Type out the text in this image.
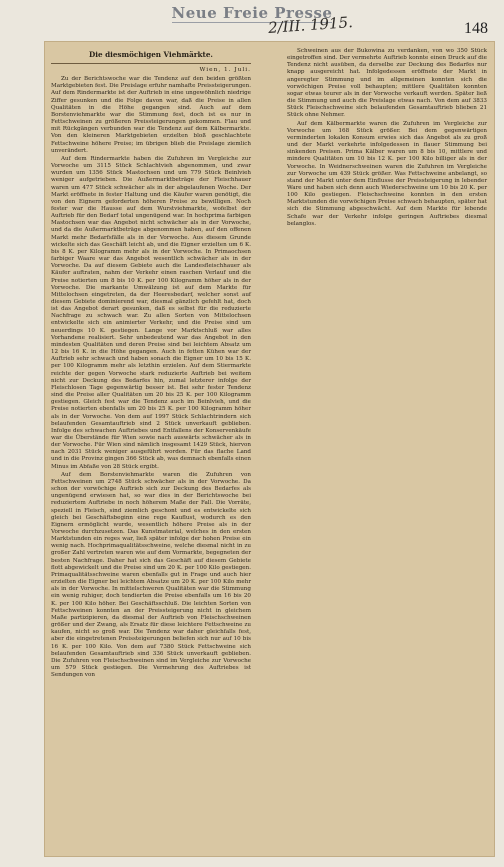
Neue Freie Presse
2/III. 1915.	148
Die diesmöchigen Viehmärkte.
Wien, 1. Juli.

Zu der Berichtswoche war die Tendenz auf den beiden größten Marktgebieten fest. Die Preislage erfuhr namhafte Preissteigerungen. Auf dem Rindermarkte ist der Auftrieb in eine ungewöhnlich niedrige Ziffer gesunken und die Folge davon war, daß die Preise in allen Qualitäten in die Höhe gegangen sind. Auch auf dem Borstenviehmarkte war die Stimmung fest, doch ist es nur in Fettschweinen zu größeren Preissteigerungen gekommen. Flau und mit Rückgängen verbunden war die Tendenz auf dem Kälbermarkte. Von den kleineren Marktgebieten erzielten bloß geschlachtete Fettschweine höhere Preise; im übrigen blieb die Preislage ziemlich unverändert.

Auf dem Rindermarkte haben die Zufuhren im Vergleiche zur Vorwoche um 3115 Stück Schlachtvieh abgenommen, und zwar wurden um 1356 Stück Mastochsen und um 779 Stück Beinlvieh weniger aufgetrieben. Die Außermarktbeträge der Fleischhauer waren um 477 Stück schwächer als in der abgelaufenen Woche. Der Markt eröffnete in fester Haltung und die Käufer waren genötigt, die von den Eignern geforderten höheren Preise zu bewilligen. Noch fester war die Hausse auf dem Wurstviehmarkte, wofelbst der Auftrieb für den Bedarf total ungenügend war. In hochprima farbigen Mastochsen war das Angebot nicht schwächer als in der Vorwoche, und da die Außermarktbeträge abgenommen haben, auf den offenen Markt mehr Bedarfsfälle als in der Vorwoche. Aus diesem Grunde wickelte sich das Geschäft leicht ab, und die Eigner erzielten um 6 K. bis 8 K. per Kilogramm mehr als in der Vorwoche. In Primaochsen farbiger Waare war das Angebot wesentlich schwächer als in der Vorwoche. Da auf diesem Gebiete auch die Landesfleischhauer als Käufer auftraten, nahm der Verkehr einen raschen Verlauf und die Preise notierten um 8 bis 10 K. per 100 Kilogramm höher als in der Vorwoche. Die markante Umwälzung ist auf dem Markte für Mittelochsen eingetreten, da der Heeresbedarf, welcher sonst auf diesem Gebiete dominierend war, diesmal gänzlich gefehlt hat, doch ist das Angebot derart gesunken, daß es selbst für die reduzierte Nachfrage zu schwach war. Zu allen Sorten von Mittelochsen entwickelte sich ein animierter Verkehr, und die Preise sind um neuerdings 10 K. gestiegen. Lange vor Marktschluß war alles Vorhandene realisiert. Sehr unbedeutend war das Angebot in den mindesten Qualitäten und deren Preise sind bei leichtem Absatz um 12 bis 16 K. in die Höhe gegangen. Auch in fetten Kühen war der Auftrieb sehr schwach und haben sonach die Eigner um 10 bis 15 K. per 100 Kilogramm mehr als letzthin erzielen. Auf dem Stiermarkte reichte der gegen Vorwoche stark reduzierte Auftrieb bei weitem nicht zur Deckung des Bedarfes hin, zumal letzterer infolge der Fleischlosen Tage gegenwärtig besser ist. Bei sehr fester Tendenz sind die Preise aller Qualitäten um 20 bis 25 K. per 100 Kilogramm gestiegen. Gleich fest war die Tendenz auch im Beinlvieh, und die Preise notierten ebenfalls um 20 bis 25 K. per 100 Kilogramm höher als in der Vorwoche. Von dem auf 1997 Stück Schlachtrindern sich belaufenden Gesamtauftrieb sind 2 Stück unverkauft geblieben. Infolge des schwachen Auftriebes und Entfallens der Konservenkäufe war die Überstände für Wien sowie nach auswärts schwächer als in der Vorwoche. Für Wien sind nämlich insgesamt 1429 Stück, hiervon nach 2031 Stück weniger ausgeführt worden. Für das flache Land und in die Provinz gingen 366 Stück ab, was demnach ebenfalls einen Minus im Abfaße von 28 Stück ergibt.

Auf dem Borstenviehmarkte waren die Zufuhren von Fettschweinen um 2748 Stück schwächer als in der Vorwoche. Da schon der vorwöchige Auftrieb sich zur Deckung des Bedarfes als ungenügend erwiesen hat, so war dies in der Berichtswoche bei reduziertem Auftriebe in noch höherem Maße der Fall. Die Vorräte, speziell in Fleisch, sind ziemlich geschont und es entwickelte sich gleich bei Geschäftsbeginn eine rege Kauflust, wodurch es den Eignern ermöglicht wurde, wesentlich höhere Preise als in der Vorwoche durchzusetzen. Das Kunstmaterial, welches in den ersten Marktstunden ein reges war, ließ später infolge der hohen Preise ein wenig nach. Hochprimaqualitätsschweine, welche diesmal nicht in zu großer Zahl vertreten waren wie auf dem Vormarkte, begegneten der besten Nachfrage. Daher hat sich das Geschäft auf diesem Gebiete flott abgewickelt und die Preise sind um 20 K. per 100 Kilo gestiegen. Primaqualitätsschweine waren ebenfalls gut in Frage und auch hier erzielten die Eigner bei leichtem Absatze um 20 K. per 100 Kilo mehr als in der Vorwoche. In mittelschweren Qualitäten war die Stimmung ein wenig ruhiger, doch tendierten die Preise ebenfalls um 16 bis 20 K. per 100 Kilo höher. Bei Geschäftsschluß. Die leichten Sorten von Fettschweinen konnten an der Preissteigerung nicht in gleichem Maße partizipieren, da diesmal der Auftrieb von Fleischschweinen größer und der Zwang, als Ersatz für diese leichtere Fettschweine zu kaufen, nicht so groß war. Die Tendenz war daher gleichfalls fest, aber die eingetretenen Preissteigerungen beliefen sich nur auf 10 bis 16 K. per 100 Kilo. Von dem auf 7380 Stück Fettschweine sich belaufenden Gesamtauftrieb sind 336 Stück unverkauft geblieben. Die Zufuhren von Fleischschweinen sind im Vergleiche zur Vorwoche um 579 Stück gestiegen. Die Vermehrung des Auftriebes ist Sendungen von

Schweinen aus der Bukowina zu verdanken, von wo 350 Stück eingetroffen sind. Der vermehrte Auftrieb konnte einen Druck auf die Tendenz nicht ausüben, da derselbe zur Deckung des Bedarfes nur knapp ausgereicht hat. Infolgedessen eröffnete der Markt in angeregter Stimmung und im allgemeinen konnten sich die vorwöchigen Preise voll behaupten; mittlere Qualitäten konnten sogar etwas teurer als in der Vorwoche verkauft werden. Später ließ die Stimmung und auch die Preislage etwas nach. Von dem auf 3833 Stück Fleischschweine sich belaufenden Gesamtauftrieb blieben 21 Stück ohne Nehmer.

Auf dem Kälbermarkte waren die Zufuhren im Vergleiche zur Vorwoche um 168 Stück größer. Bei dem gegenwärtigen verminderten lokalen Konsum erwies sich das Angebot als zu groß und der Markt verkehrte infolgedessen in flauer Stimmung bei sinkenden Preisen. Prima Kälber waren um 8 bis 10, mittlere und mindere Qualitäten um 10 bis 12 K. per 100 Kilo billiger als in der Vorwoche. In Weidnerschweinen waren die Zufuhren im Vergleiche zur Vorwoche um 439 Stück größer. Was Fettschweine anbelangt, so stand der Markt unter dem Einflusse der Preissteigerung in lebender Ware und haben sich denn auch Wiederschweine um 10 bis 20 K. per 100 Kilo gestiegen. Fleischschweine konnten in den ersten Marktstunden die vorwöchigen Preise schwach behaupten, später hat sich die Stimmung abgeschwächt. Auf dem Markte für lebende Schafe war der Verkehr infolge geringen Auftriebes diesmal belanglos.
